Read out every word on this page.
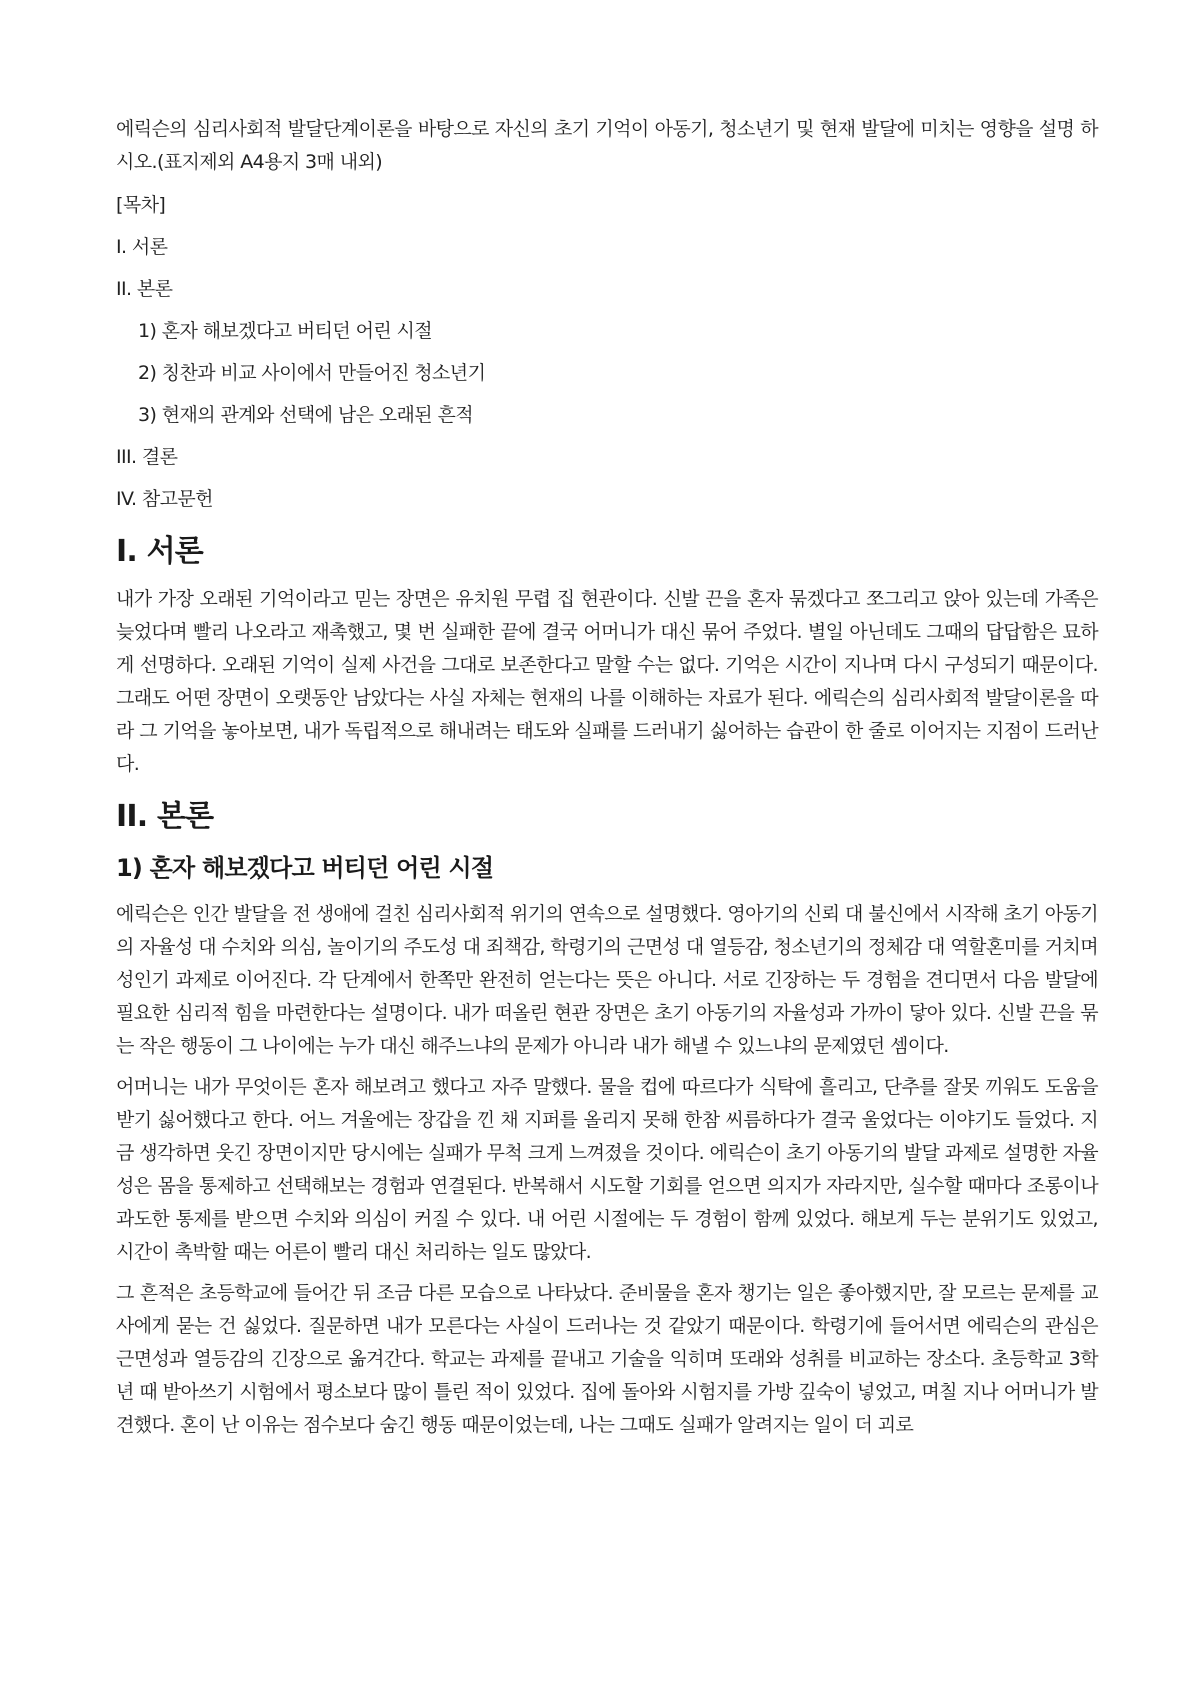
에릭슨의 심리사회적 발달단계이론을 바탕으로 자신의 초기 기억이 아동기, 청소년기 및 현재 발달에 미치는 영향을 설명 하시오.(표지제외 A4용지 3매 내외)

[목차]

I. 서론

II. 본론

1) 혼자 해보겠다고 버티던 어린 시절

2) 칭찬과 비교 사이에서 만들어진 청소년기

3) 현재의 관계와 선택에 남은 오래된 흔적

III. 결론

IV. 참고문헌

I. 서론

내가 가장 오래된 기억이라고 믿는 장면은 유치원 무렵 집 현관이다. 신발 끈을 혼자 묶겠다고 쪼그리고 앉아 있는데 가족은 늦었다며 빨리 나오라고 재촉했고, 몇 번 실패한 끝에 결국 어머니가 대신 묶어 주었다. 별일 아닌데도 그때의 답답함은 묘하게 선명하다. 오래된 기억이 실제 사건을 그대로 보존한다고 말할 수는 없다. 기억은 시간이 지나며 다시 구성되기 때문이다. 그래도 어떤 장면이 오랫동안 남았다는 사실 자체는 현재의 나를 이해하는 자료가 된다. 에릭슨의 심리사회적 발달이론을 따라 그 기억을 놓아보면, 내가 독립적으로 해내려는 태도와 실패를 드러내기 싫어하는 습관이 한 줄로 이어지는 지점이 드러난다.

II. 본론
1) 혼자 해보겠다고 버티던 어린 시절

에릭슨은 인간 발달을 전 생애에 걸친 심리사회적 위기의 연속으로 설명했다. 영아기의 신뢰 대 불신에서 시작해 초기 아동기의 자율성 대 수치와 의심, 놀이기의 주도성 대 죄책감, 학령기의 근면성 대 열등감, 청소년기의 정체감 대 역할혼미를 거치며 성인기 과제로 이어진다. 각 단계에서 한쪽만 완전히 얻는다는 뜻은 아니다. 서로 긴장하는 두 경험을 견디면서 다음 발달에 필요한 심리적 힘을 마련한다는 설명이다. 내가 떠올린 현관 장면은 초기 아동기의 자율성과 가까이 닿아 있다. 신발 끈을 묶는 작은 행동이 그 나이에는 누가 대신 해주느냐의 문제가 아니라 내가 해낼 수 있느냐의 문제였던 셈이다.

어머니는 내가 무엇이든 혼자 해보려고 했다고 자주 말했다. 물을 컵에 따르다가 식탁에 흘리고, 단추를 잘못 끼워도 도움을 받기 싫어했다고 한다. 어느 겨울에는 장갑을 낀 채 지퍼를 올리지 못해 한참 씨름하다가 결국 울었다는 이야기도 들었다. 지금 생각하면 웃긴 장면이지만 당시에는 실패가 무척 크게 느껴졌을 것이다. 에릭슨이 초기 아동기의 발달 과제로 설명한 자율성은 몸을 통제하고 선택해보는 경험과 연결된다. 반복해서 시도할 기회를 얻으면 의지가 자라지만, 실수할 때마다 조롱이나 과도한 통제를 받으면 수치와 의심이 커질 수 있다. 내 어린 시절에는 두 경험이 함께 있었다. 해보게 두는 분위기도 있었고, 시간이 촉박할 때는 어른이 빨리 대신 처리하는 일도 많았다.

그 흔적은 초등학교에 들어간 뒤 조금 다른 모습으로 나타났다. 준비물을 혼자 챙기는 일은 좋아했지만, 잘 모르는 문제를 교사에게 묻는 건 싫었다. 질문하면 내가 모른다는 사실이 드러나는 것 같았기 때문이다. 학령기에 들어서면 에릭슨의 관심은 근면성과 열등감의 긴장으로 옮겨간다. 학교는 과제를 끝내고 기술을 익히며 또래와 성취를 비교하는 장소다. 초등학교 3학년 때 받아쓰기 시험에서 평소보다 많이 틀린 적이 있었다. 집에 돌아와 시험지를 가방 깊숙이 넣었고, 며칠 지나 어머니가 발견했다. 혼이 난 이유는 점수보다 숨긴 행동 때문이었는데, 나는 그때도 실패가 알려지는 일이 더 괴로
